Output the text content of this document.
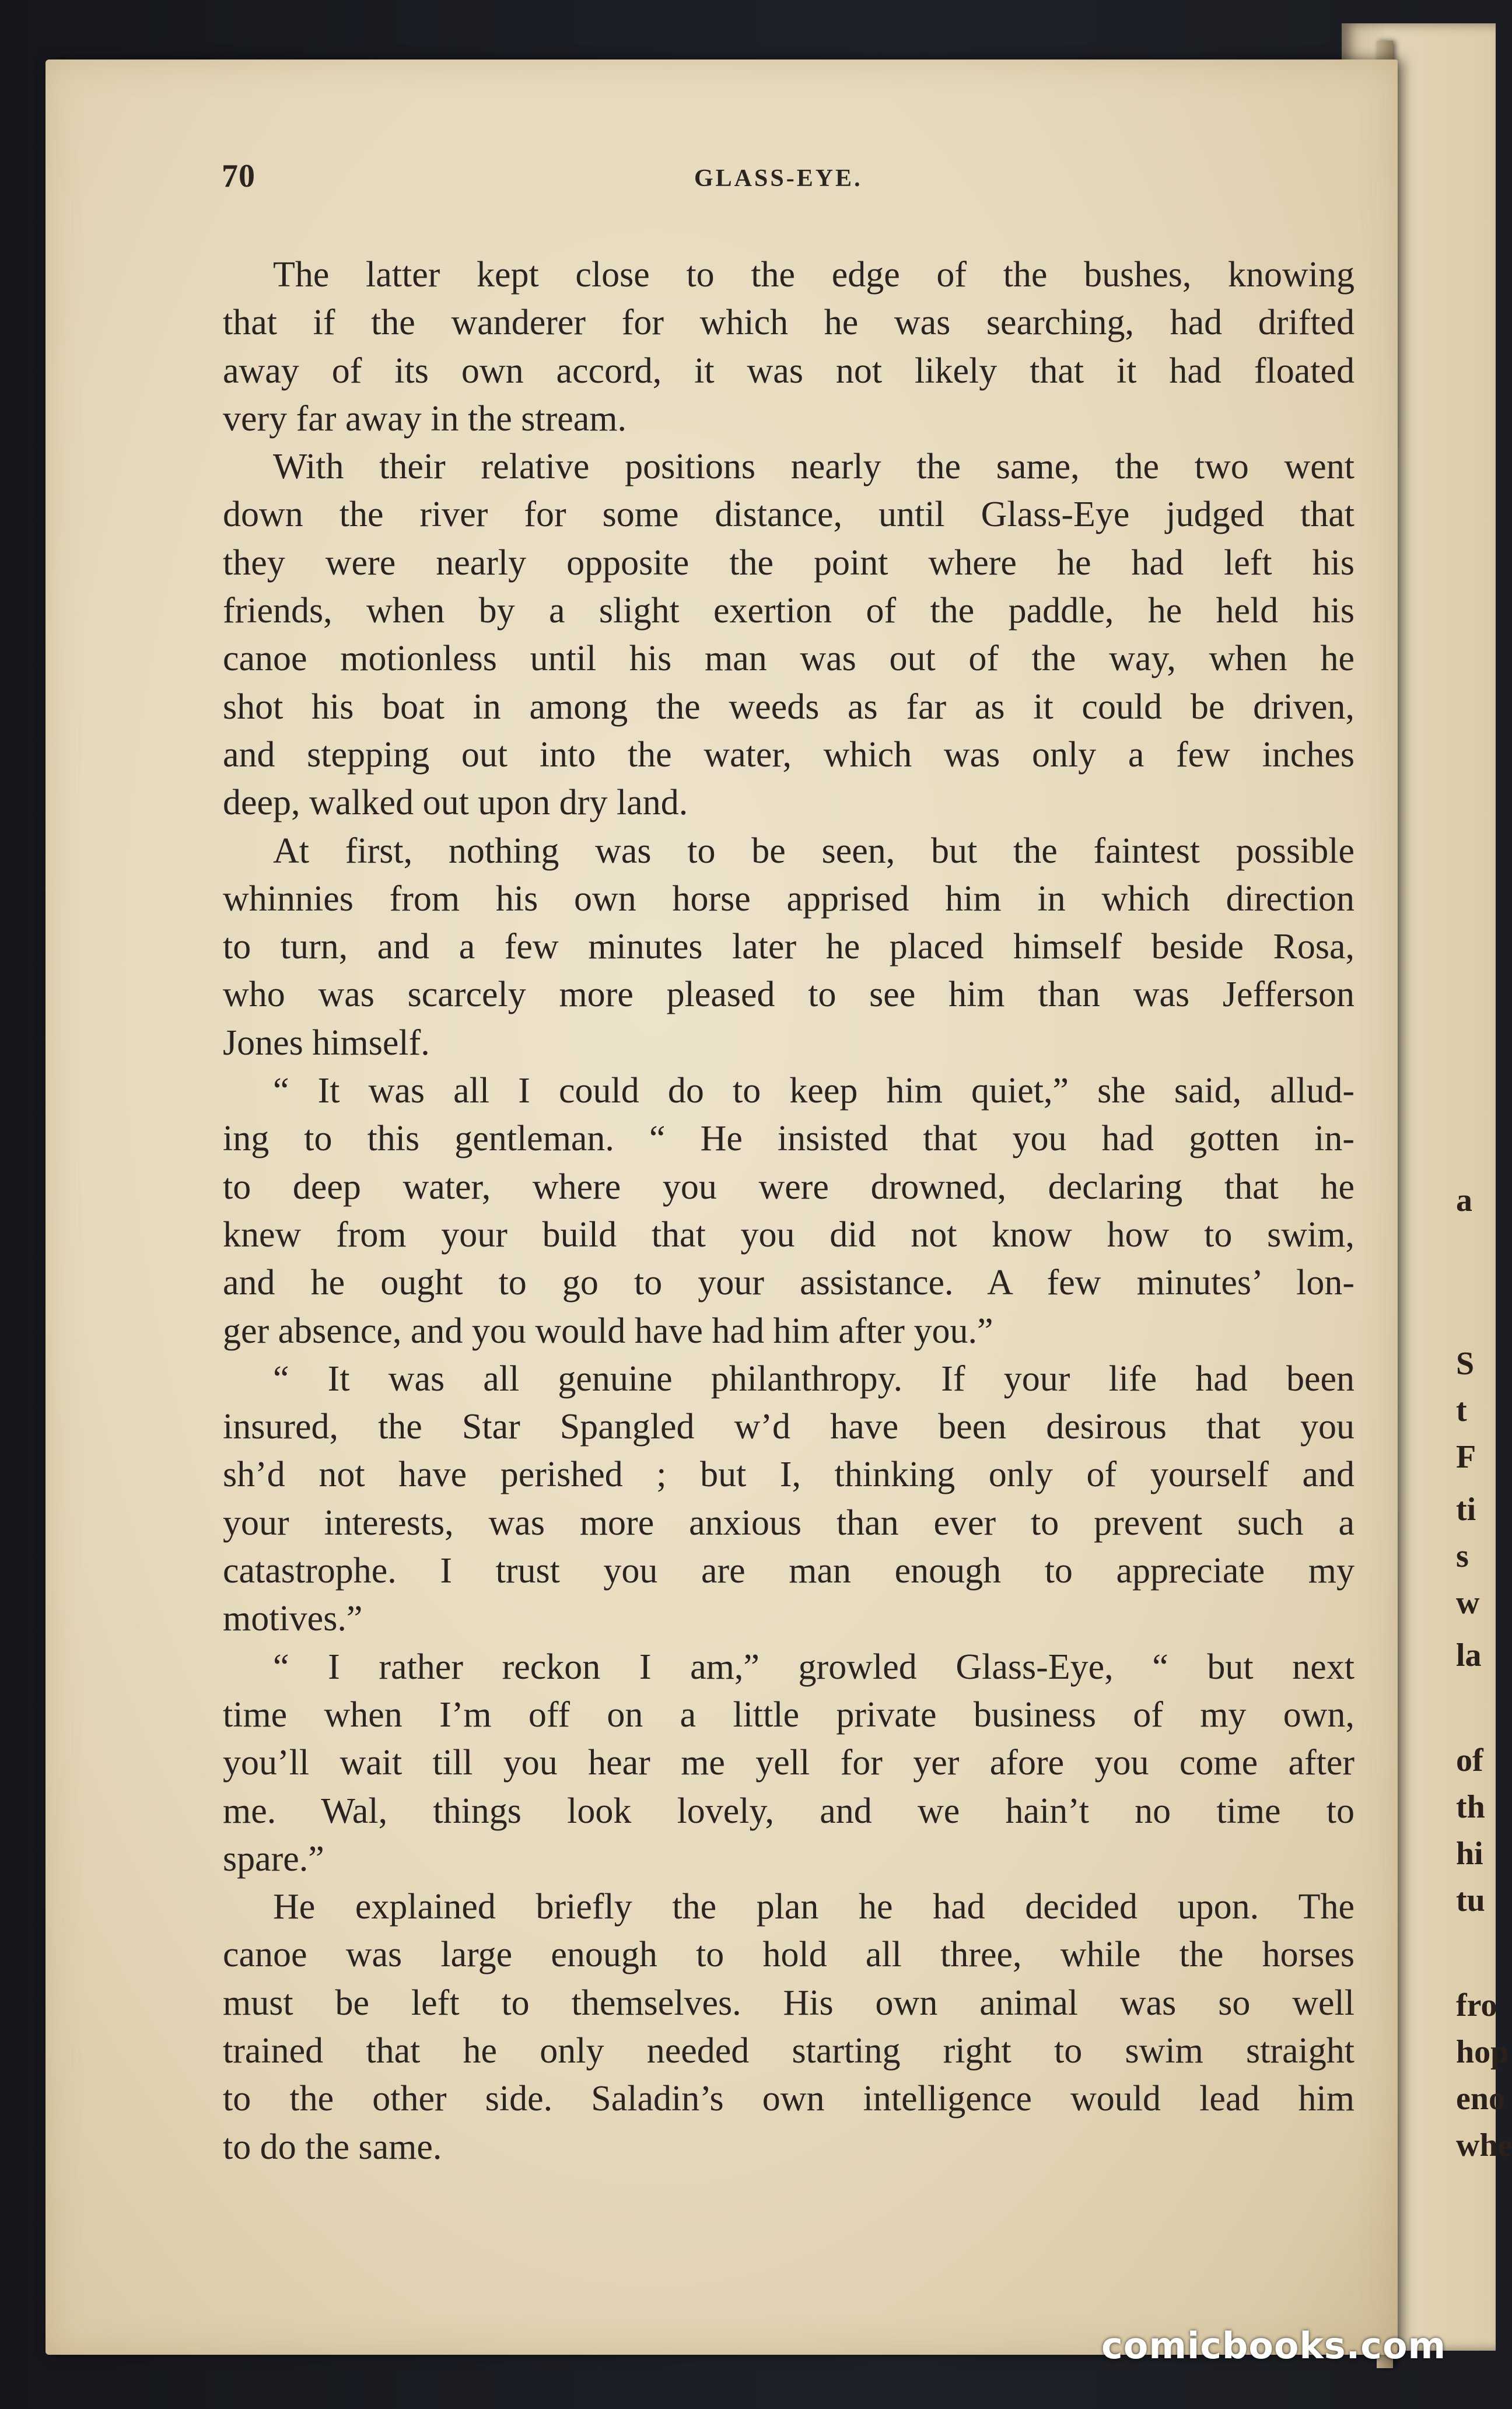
a
S
t
F
ti
s
w
la
of
th
hi
tu
fro
hop
eno
whe
70	GLASS-EYE.
The latter kept close to the edge of the bushes, knowing
that if the wanderer for which he was searching, had drifted
away of its own accord, it was not likely that it had floated
very far away in the stream.
With their relative positions nearly the same, the two went
down the river for some distance, until Glass-Eye judged that
they were nearly opposite the point where he had left his
friends, when by a slight exertion of the paddle, he held his
canoe motionless until his man was out of the way, when he
shot his boat in among the weeds as far as it could be driven,
and stepping out into the water, which was only a few inches
deep, walked out upon dry land.
At first, nothing was to be seen, but the faintest possible
whinnies from his own horse apprised him in which direction
to turn, and a few minutes later he placed himself beside Rosa,
who was scarcely more pleased to see him than was Jefferson
Jones himself.
“ It was all I could do to keep him quiet,” she said, allud-
ing to this gentleman. “ He insisted that you had gotten in-
to deep water, where you were drowned, declaring that he
knew from your build that you did not know how to swim,
and he ought to go to your assistance. A few minutes’ lon-
ger absence, and you would have had him after you.”
“ It was all genuine philanthropy. If your life had been
insured, the Star Spangled w’d have been desirous that you
sh’d not have perished ; but I, thinking only of yourself and
your interests, was more anxious than ever to prevent such a
catastrophe. I trust you are man enough to appreciate my
motives.”
“ I rather reckon I am,” growled Glass-Eye, “ but next
time when I’m off on a little private business of my own,
you’ll wait till you hear me yell for yer afore you come after
me. Wal, things look lovely, and we hain’t no time to
spare.”
He explained briefly the plan he had decided upon. The
canoe was large enough to hold all three, while the horses
must be left to themselves. His own animal was so well
trained that he only needed starting right to swim straight
to the other side. Saladin’s own intelligence would lead him
to do the same.
comicbooks.com
